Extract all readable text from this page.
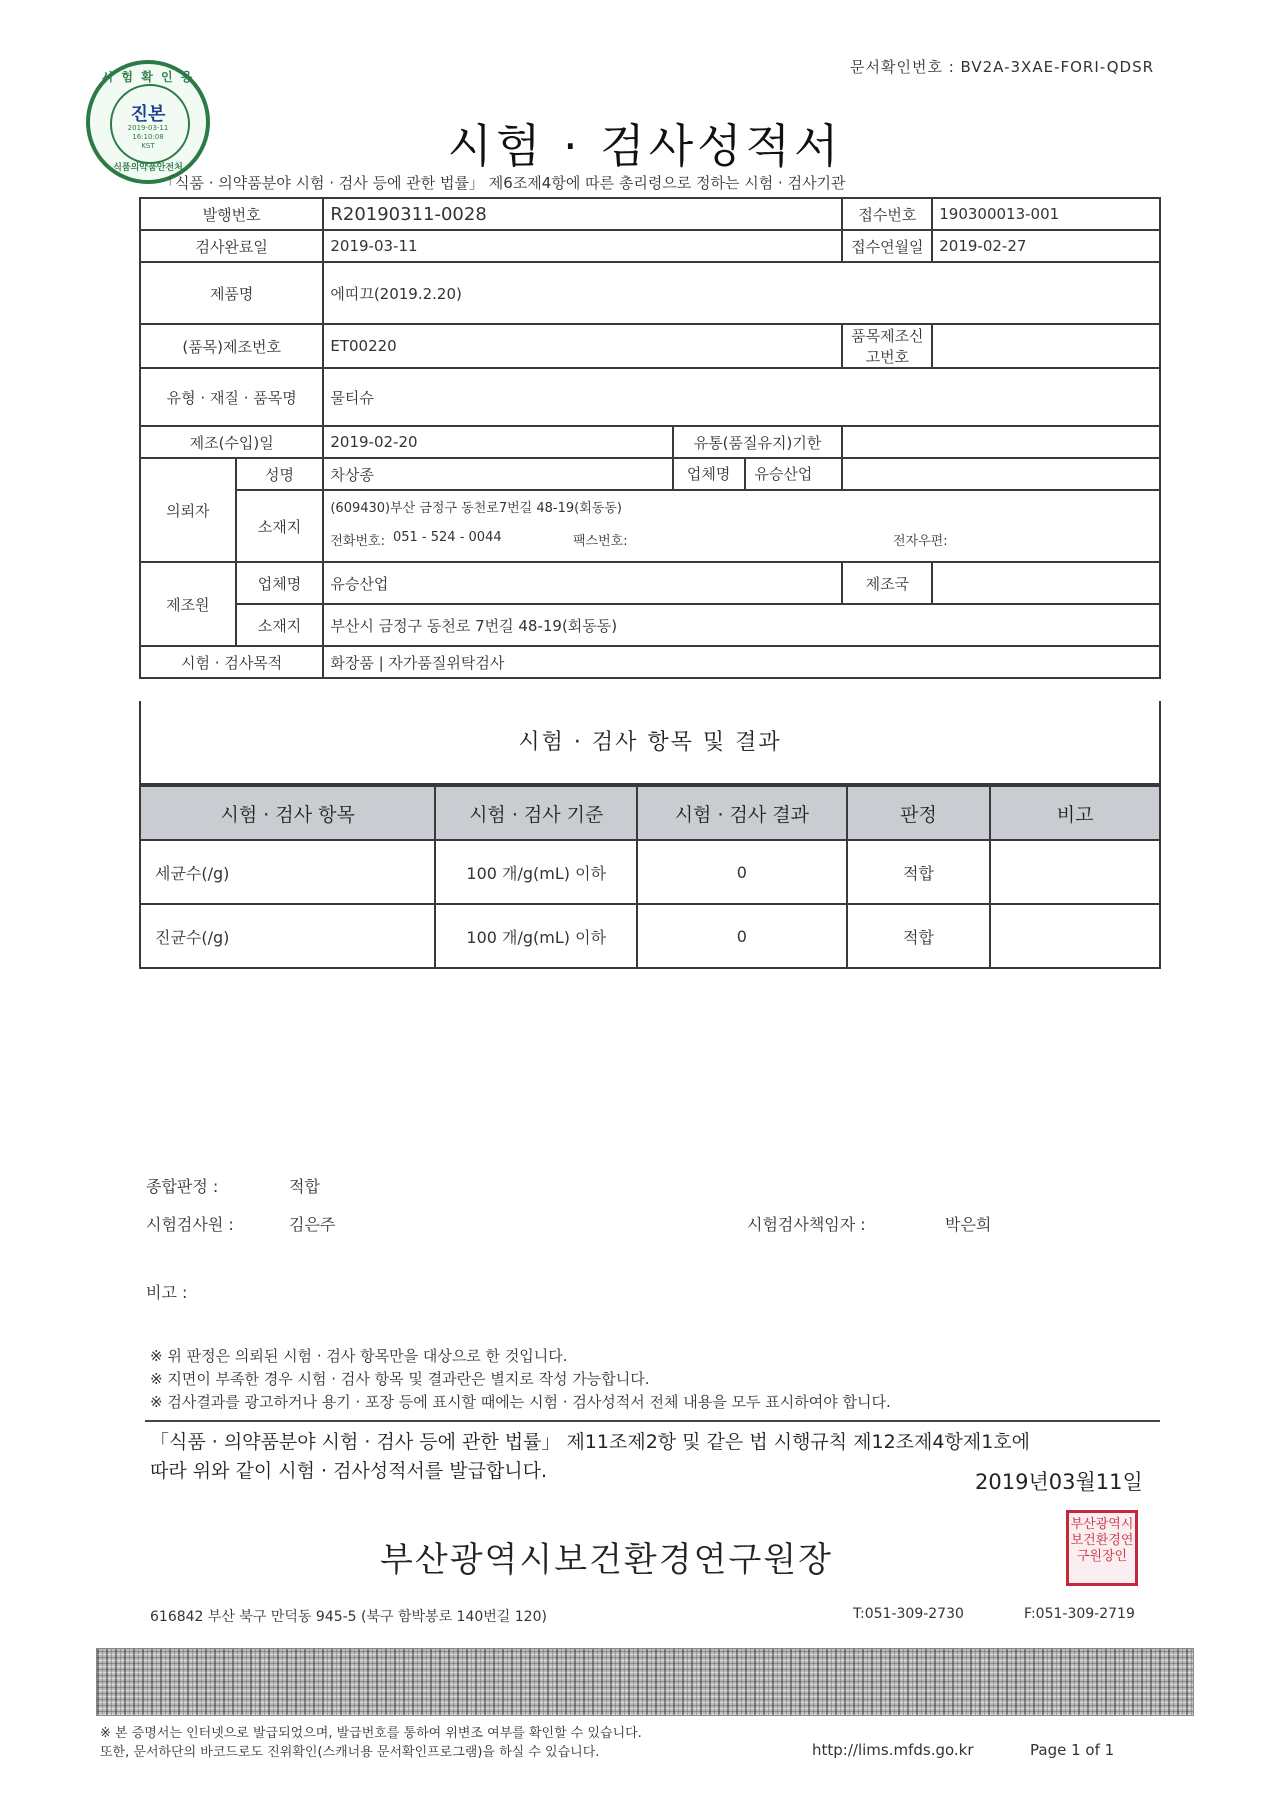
문서확인번호 : BV2A-3XAE-FORI-QDSR
시 험 확 인 용
진본
2019-03-11
16:10:08
KST
식품의약품안전처	시험 · 검사성적서
「식품 · 의약품분야 시험 · 검사 등에 관한 법률」 제6조제4항에 따른 총리령으로 정하는 시험 · 검사기관
발행번호		R20190311-0028		접수번호	190300013-001
검사완료일		2019-03-11		접수연월일	2019-02-27
제품명		에띠끄(2019.2.20)			
(품목)제조번호		ET00220		품목제조신고번호	
유형 · 재질 · 품목명		물티슈			
제조(수입)일		2019-02-20	유통(품질유지)기한		
의뢰자	성명	차상종	업체명 유승산업		
	소재지	(609430)부산 금정구 동천로7번길 48-19(회동동)
전화번호: 051 - 524 - 0044 팩스번호: 전자우편:			

제조원	업체명	유승산업		제조국	
	소재지	부산시 금정구 동천로 7번길 48-19(회동동)			
시험 · 검사목적		화장품 | 자가품질위탁검사			
시험 · 검사 항목 및 결과
시험 · 검사 항목	시험 · 검사 기준	시험 · 검사 결과	판정	비고
세균수(/g)	100 개/g(mL) 이하	0	적합	
진균수(/g)	100 개/g(mL) 이하	0	적합	
종합판정 :	적합
시험검사원 :	김은주	시험검사책임자 :	박은희
비고 :
※ 위 판정은 의뢰된 시험 · 검사 항목만을 대상으로 한 것입니다.
※ 지면이 부족한 경우 시험 · 검사 항목 및 결과란은 별지로 작성 가능합니다.
※ 검사결과를 광고하거나 용기 · 포장 등에 표시할 때에는 시험 · 검사성적서 전체 내용을 모두 표시하여야 합니다.
「식품 · 의약품분야 시험 · 검사 등에 관한 법률」 제11조제2항 및 같은 법 시행규칙 제12조제4항제1호에
따라 위와 같이 시험 · 검사성적서를 발급합니다.	2019년03월11일
부산광역시보건환경연구원장
부산광역시보건환경연구원장인
616842 부산 북구 만덕동 945-5 (북구 함박봉로 140번길 120)	T:051-309-2730	F:051-309-2719
※ 본 증명서는 인터넷으로 발급되었으며, 발급번호를 통하여 위변조 여부를 확인할 수 있습니다.
또한, 문서하단의 바코드로도 진위확인(스캐너용 문서확인프로그램)을 하실 수 있습니다.	http://lims.mfds.go.kr	Page 1 of 1
